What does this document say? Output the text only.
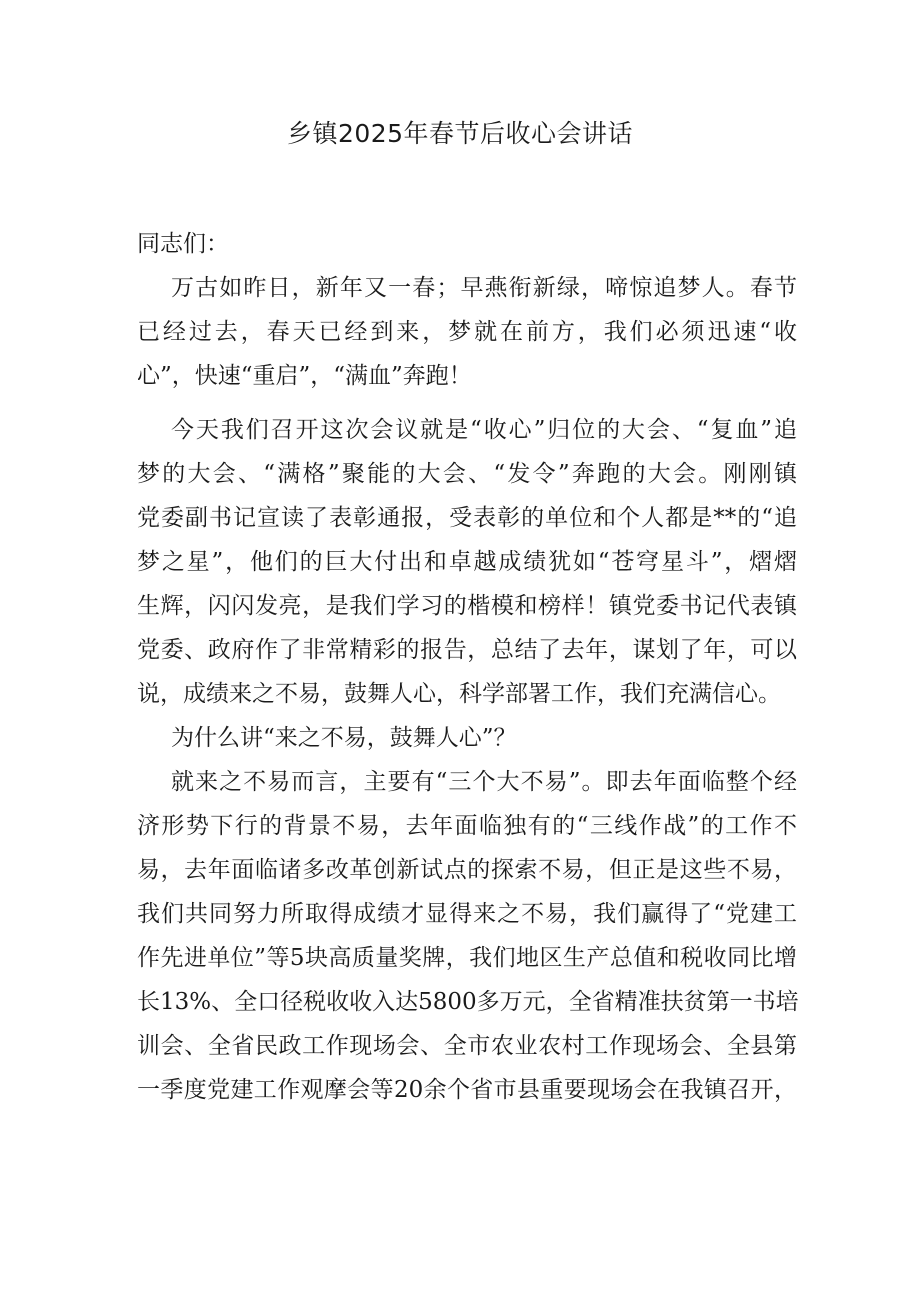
乡镇2025年春节后收心会讲话

同志们：

万古如昨日，新年又一春；早燕衔新绿，啼惊追梦人。春节

已经过去，春天已经到来，梦就在前方，我们必须迅速“收

心”，快速“重启”，“满血”奔跑！

今天我们召开这次会议就是“收心”归位的大会、“复血”追

梦的大会、“满格”聚能的大会、“发令”奔跑的大会。刚刚镇

党委副书记宣读了表彰通报，受表彰的单位和个人都是**的“追

梦之星”，他们的巨大付出和卓越成绩犹如“苍穹星斗”，熠熠

生辉，闪闪发亮，是我们学习的楷模和榜样！镇党委书记代表镇

党委、政府作了非常精彩的报告，总结了去年，谋划了年，可以

说，成绩来之不易，鼓舞人心，科学部署工作，我们充满信心。

为什么讲“来之不易，鼓舞人心”？

就来之不易而言，主要有“三个大不易”。即去年面临整个经

济形势下行的背景不易，去年面临独有的“三线作战”的工作不

易，去年面临诸多改革创新试点的探索不易，但正是这些不易，

我们共同努力所取得成绩才显得来之不易，我们赢得了“党建工

作先进单位”等5块高质量奖牌，我们地区生产总值和税收同比增

长13%、全口径税收收入达5800多万元，全省精准扶贫第一书培

训会、全省民政工作现场会、全市农业农村工作现场会、全县第

一季度党建工作观摩会等20余个省市县重要现场会在我镇召开，
